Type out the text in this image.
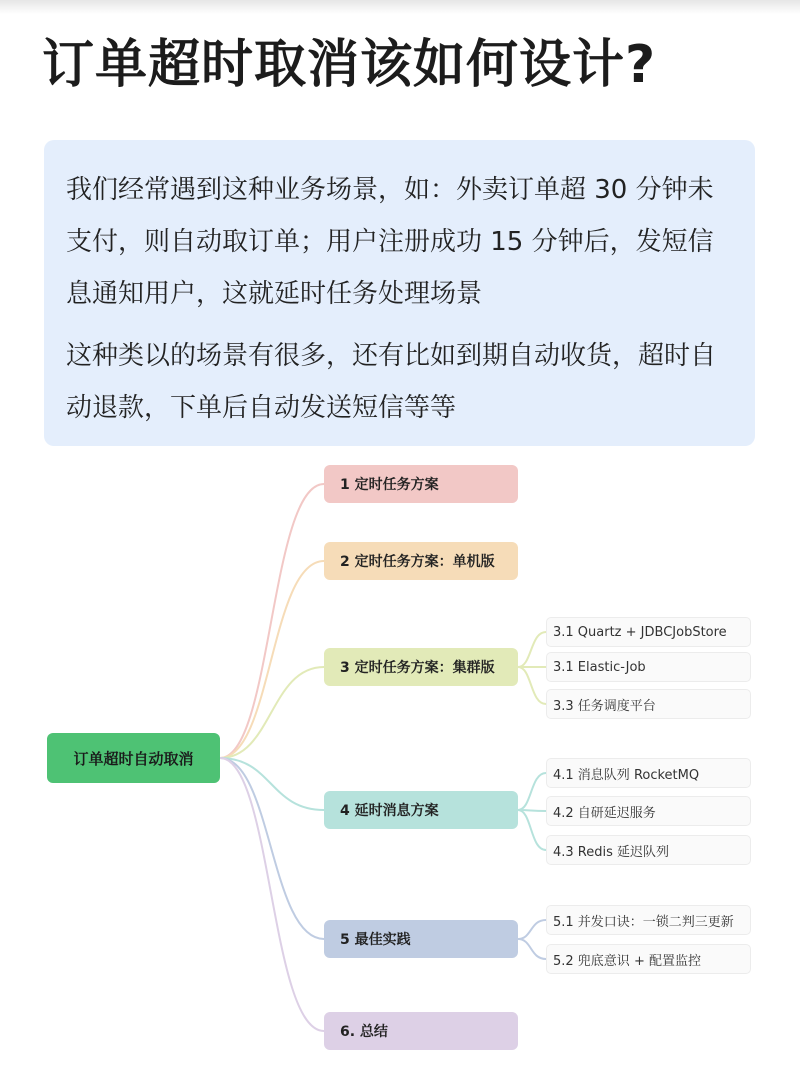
订单超时取消该如何设计?

我们经常遇到这种业务场景，如：外卖订单超 30 分钟未支付，则自动取订单；用户注册成功 15 分钟后，发短信息通知用户，这就延时任务处理场景

这种类以的场景有很多，还有比如到期自动收货，超时自动退款，下单后自动发送短信等等

订单超时自动取消
1 定时任务方案
2 定时任务方案：单机版
3 定时任务方案：集群版
4 延时消息方案
5 最佳实践
6. 总结
3.1 Quartz + JDBCJobStore
3.1 Elastic-Job
3.3 任务调度平台
4.1 消息队列 RocketMQ
4.2 自研延迟服务
4.3 Redis 延迟队列
5.1 并发口诀：一锁二判三更新
5.2 兜底意识 + 配置监控
